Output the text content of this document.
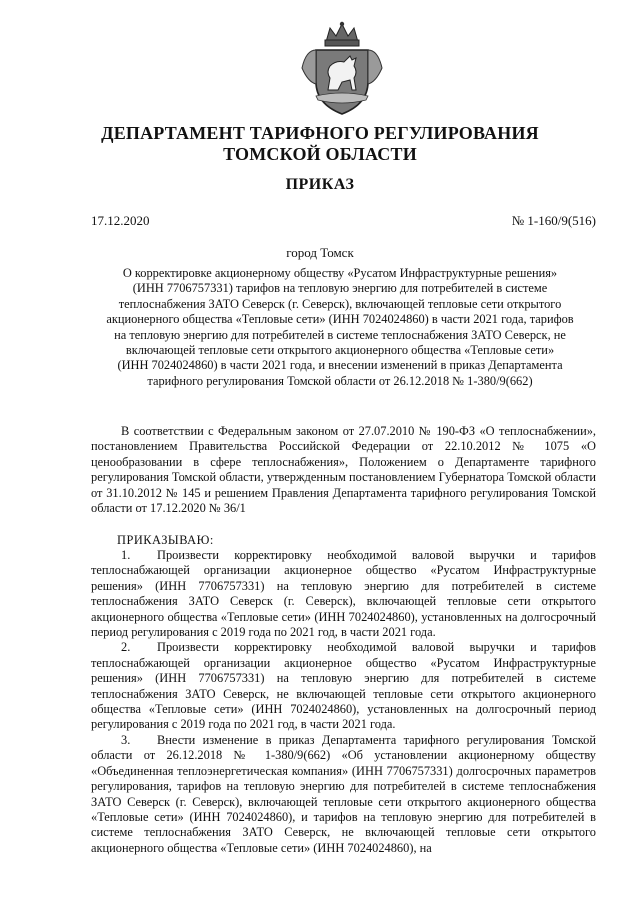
ДЕПАРТАМЕНТ ТАРИФНОГО РЕГУЛИРОВАНИЯ
ТОМСКОЙ ОБЛАСТИ
ПРИКАЗ
17.12.2020	№ 1-160/9(516)
город Томск
О корректировке акционерному обществу «Русатом Инфраструктурные решения»
(ИНН 7706757331) тарифов на тепловую энергию для потребителей в системе
теплоснабжения ЗАТО Северск (г. Северск), включающей тепловые сети открытого
акционерного общества «Тепловые сети» (ИНН 7024024860) в части 2021 года, тарифов
на тепловую энергию для потребителей в системе теплоснабжения ЗАТО Северск, не
включающей тепловые сети открытого акционерного общества «Тепловые сети»
(ИНН 7024024860) в части 2021 года, и внесении изменений в приказ Департамента
тарифного регулирования Томской области от 26.12.2018 № 1-380/9(662)

В соответствии с Федеральным законом от 27.07.2010 № 190-ФЗ «О теплоснабжении», постановлением Правительства Российской Федерации от 22.10.2012 № 1075 «О ценообразовании в сфере теплоснабжения», Положением о Департаменте тарифного регулирования Томской области, утвержденным постановлением Губернатора Томской области от 31.10.2012 № 145 и решением Правления Департамента тарифного регулирования Томской области от 17.12.2020 № 36/1

ПРИКАЗЫВАЮ:

1. Произвести корректировку необходимой валовой выручки и тарифов теплоснабжающей организации акционерное общество «Русатом Инфраструктурные решения» (ИНН 7706757331) на тепловую энергию для потребителей в системе теплоснабжения ЗАТО Северск (г. Северск), включающей тепловые сети открытого акционерного общества «Тепловые сети» (ИНН 7024024860), установленных на долгосрочный период регулирования с 2019 года по 2021 год, в части 2021 года.

2. Произвести корректировку необходимой валовой выручки и тарифов теплоснабжающей организации акционерное общество «Русатом Инфраструктурные решения» (ИНН 7706757331) на тепловую энергию для потребителей в системе теплоснабжения ЗАТО Северск, не включающей тепловые сети открытого акционерного общества «Тепловые сети» (ИНН 7024024860), установленных на долгосрочный период регулирования с 2019 года по 2021 год, в части 2021 года.

3. Внести изменение в приказ Департамента тарифного регулирования Томской области от 26.12.2018 № 1-380/9(662) «Об установлении акционерному обществу «Объединенная теплоэнергетическая компания» (ИНН 7706757331) долгосрочных параметров регулирования, тарифов на тепловую энергию для потребителей в системе теплоснабжения ЗАТО Северск (г. Северск), включающей тепловые сети открытого акционерного общества «Тепловые сети» (ИНН 7024024860), и тарифов на тепловую энергию для потребителей в системе теплоснабжения ЗАТО Северск, не включающей тепловые сети открытого акционерного общества «Тепловые сети» (ИНН 7024024860), на
